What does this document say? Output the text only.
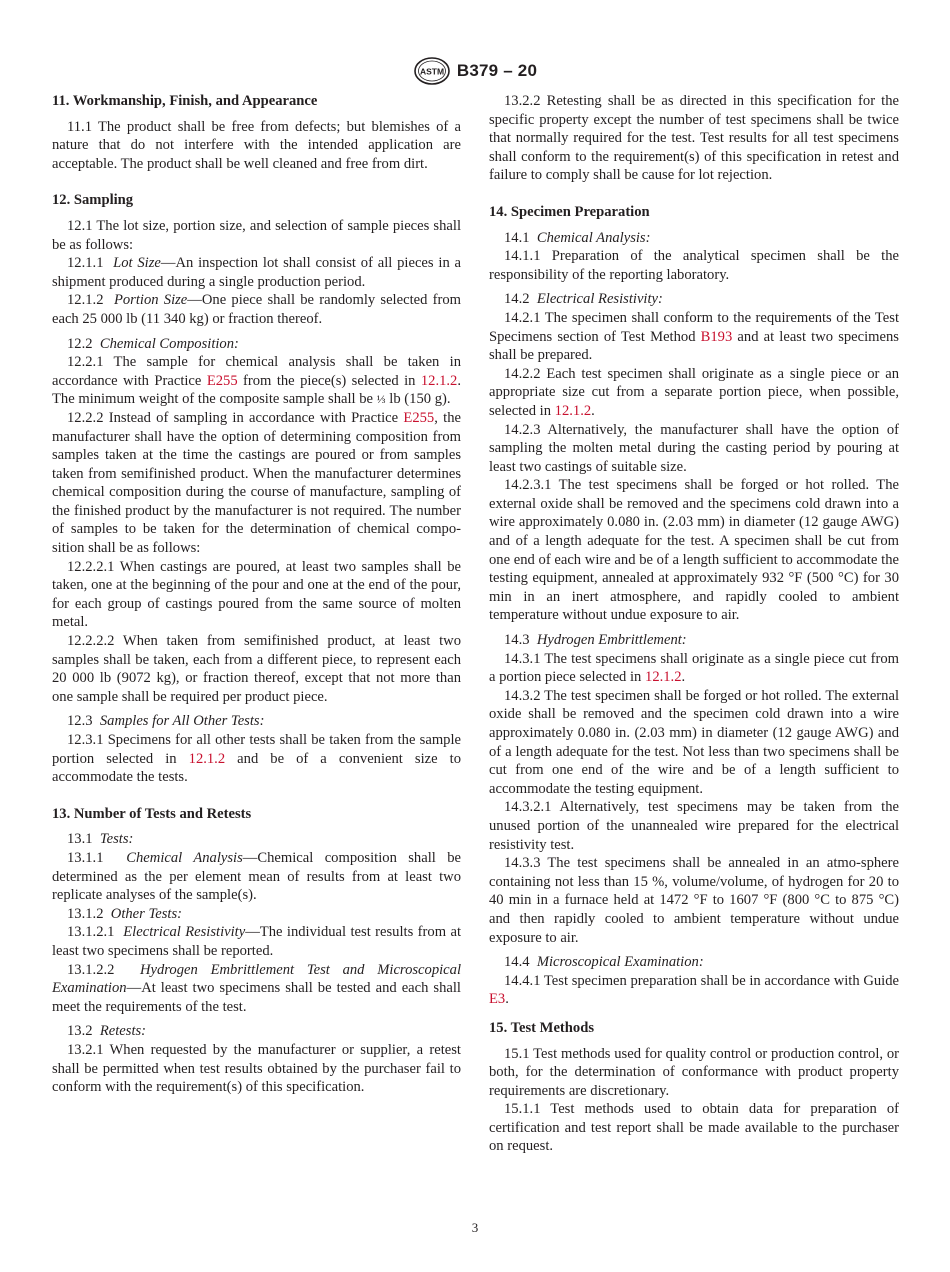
ASTM B379 – 20
11. Workmanship, Finish, and Appearance

11.1 The product shall be free from defects; but blemishes of a nature that do not interfere with the intended application are acceptable. The product shall be well cleaned and free from dirt.

12. Sampling

12.1 The lot size, portion size, and selection of sample pieces shall be as follows:

12.1.1 Lot Size—An inspection lot shall consist of all pieces in a shipment produced during a single production period.

12.1.2 Portion Size—One piece shall be randomly selected from each 25 000 lb (11 340 kg) or fraction thereof.

12.2 Chemical Composition:

12.2.1 The sample for chemical analysis shall be taken in accordance with Practice E255 from the piece(s) selected in 12.1.2. The minimum weight of the composite sample shall be ⅓ lb (150 g).

12.2.2 Instead of sampling in accordance with Practice E255, the manufacturer shall have the option of determining composition from samples taken at the time the castings are poured or from samples taken from semifinished product. When the manufacturer determines chemical composition during the course of manufacture, sampling of the finished product by the manufacturer is not required. The number of samples to be taken for the determination of chemical compo-sition shall be as follows:

12.2.2.1 When castings are poured, at least two samples shall be taken, one at the beginning of the pour and one at the end of the pour, for each group of castings poured from the same source of molten metal.

12.2.2.2 When taken from semifinished product, at least two samples shall be taken, each from a different piece, to represent each 20 000 lb (9072 kg), or fraction thereof, except that not more than one sample shall be required per product piece.

12.3 Samples for All Other Tests:

12.3.1 Specimens for all other tests shall be taken from the sample portion selected in 12.1.2 and be of a convenient size to accommodate the tests.

13. Number of Tests and Retests

13.1 Tests:

13.1.1 Chemical Analysis—Chemical composition shall be determined as the per element mean of results from at least two replicate analyses of the sample(s).

13.1.2 Other Tests:

13.1.2.1 Electrical Resistivity—The individual test results from at least two specimens shall be reported.

13.1.2.2 Hydrogen Embrittlement Test and Microscopical Examination—At least two specimens shall be tested and each shall meet the requirements of the test.

13.2 Retests:

13.2.1 When requested by the manufacturer or supplier, a retest shall be permitted when test results obtained by the purchaser fail to conform with the requirement(s) of this specification.

13.2.2 Retesting shall be as directed in this specification for the specific property except the number of test specimens shall be twice that normally required for the test. Test results for all test specimens shall conform to the requirement(s) of this specification in retest and failure to comply shall be cause for lot rejection.

14. Specimen Preparation

14.1 Chemical Analysis:

14.1.1 Preparation of the analytical specimen shall be the responsibility of the reporting laboratory.

14.2 Electrical Resistivity:

14.2.1 The specimen shall conform to the requirements of the Test Specimens section of Test Method B193 and at least two specimens shall be prepared.

14.2.2 Each test specimen shall originate as a single piece or an appropriate size cut from a separate portion piece, when possible, selected in 12.1.2.

14.2.3 Alternatively, the manufacturer shall have the option of sampling the molten metal during the casting period by pouring at least two castings of suitable size.

14.2.3.1 The test specimens shall be forged or hot rolled. The external oxide shall be removed and the specimens cold drawn into a wire approximately 0.080 in. (2.03 mm) in diameter (12 gauge AWG) and of a length adequate for the test. A specimen shall be cut from one end of each wire and be of a length sufficient to accommodate the testing equipment, annealed at approximately 932 °F (500 °C) for 30 min in an inert atmosphere, and rapidly cooled to ambient temperature without undue exposure to air.

14.3 Hydrogen Embrittlement:

14.3.1 The test specimens shall originate as a single piece cut from a portion piece selected in 12.1.2.

14.3.2 The test specimen shall be forged or hot rolled. The external oxide shall be removed and the specimen cold drawn into a wire approximately 0.080 in. (2.03 mm) in diameter (12 gauge AWG) and of a length adequate for the test. Not less than two specimens shall be cut from one end of the wire and be of a length sufficient to accommodate the testing equipment.

14.3.2.1 Alternatively, test specimens may be taken from the unused portion of the unannealed wire prepared for the electrical resistivity test.

14.3.3 The test specimens shall be annealed in an atmo-sphere containing not less than 15 %, volume/volume, of hydrogen for 20 to 40 min in a furnace held at 1472 °F to 1607 °F (800 °C to 875 °C) and then rapidly cooled to ambient temperature without undue exposure to air.

14.4 Microscopical Examination:

14.4.1 Test specimen preparation shall be in accordance with Guide E3.

15. Test Methods

15.1 Test methods used for quality control or production control, or both, for the determination of conformance with product property requirements are discretionary.

15.1.1 Test methods used to obtain data for preparation of certification and test report shall be made available to the purchaser on request.

3
